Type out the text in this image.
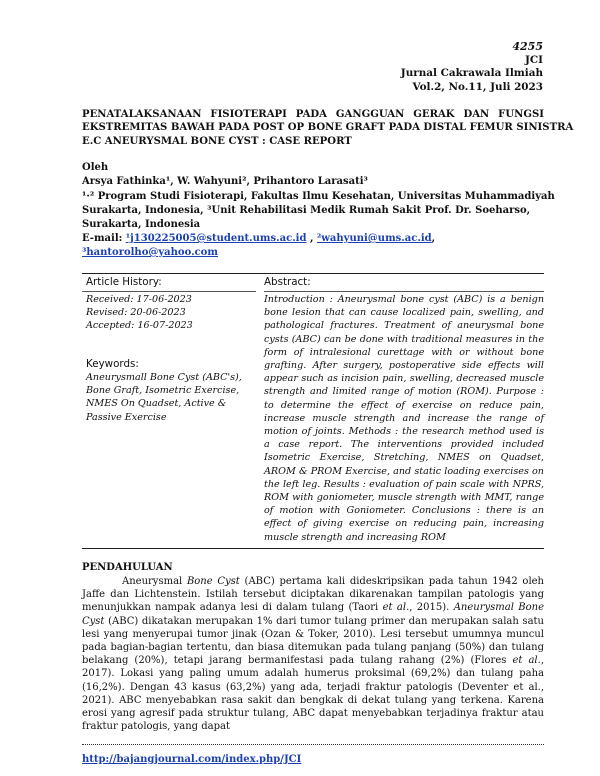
4255
JCI
Jurnal Cakrawala Ilmiah
Vol.2, No.11, Juli 2023
PENATALAKSANAAN FISIOTERAPI PADA GANGGUAN GERAK DAN FUNGSI
EKSTREMITAS BAWAH PADA POST OP BONE GRAFT PADA DISTAL FEMUR SINISTRA
E.C ANEURYSMAL BONE CYST : CASE REPORT
Oleh
Arsya Fathinka¹, W. Wahyuni², Prihantoro Larasati³
¹·² Program Studi Fisioterapi, Fakultas Ilmu Kesehatan, Universitas Muhammadiyah
Surakarta, Indonesia, ³Unit Rehabilitasi Medik Rumah Sakit Prof. Dr. Soeharso,
Surakarta, Indonesia
E-mail: ¹j130225005@student.ums.ac.id , ²wahyuni@ums.ac.id,
³hantorolho@yahoo.com
Article History:
Received: 17-06-2023
Revised: 20-06-2023
Accepted: 16-07-2023
Keywords:
Aneurysmall Bone Cyst (ABC's), Bone Graft, Isometric Exercise, NMES On Quadset, Active & Passive Exercise
Abstract:
Introduction : Aneurysmal bone cyst (ABC) is a benign bone lesion that can cause localized pain, swelling, and pathological fractures. Treatment of aneurysmal bone cysts (ABC) can be done with traditional measures in the form of intralesional curettage with or without bone grafting. After surgery, postoperative side effects will appear such as incision pain, swelling, decreased muscle strength and limited range of motion (ROM). Purpose : to determine the effect of exercise on reduce pain, increase muscle strength and increase the range of motion of joints. Methods : the research method used is a case report. The interventions provided included Isometric Exercise, Stretching, NMES on Quadset, AROM & PROM Exercise, and static loading exercises on the left leg. Results : evaluation of pain scale with NPRS, ROM with goniometer, muscle strength with MMT, range of motion with Goniometer. Conclusions : there is an effect of giving exercise on reducing pain, increasing muscle strength and increasing ROM
PENDAHULUAN
Aneurysmal Bone Cyst (ABC) pertama kali dideskripsikan pada tahun 1942 oleh Jaffe dan Lichtenstein. Istilah tersebut diciptakan dikarenakan tampilan patologis yang menunjukkan nampak adanya lesi di dalam tulang (Taori et al., 2015). Aneurysmal Bone Cyst (ABC) dikatakan merupakan 1% dari tumor tulang primer dan merupakan salah satu lesi yang menyerupai tumor jinak (Ozan & Toker, 2010). Lesi tersebut umumnya muncul pada bagian-bagian tertentu, dan biasa ditemukan pada tulang panjang (50%) dan tulang belakang (20%), tetapi jarang bermanifestasi pada tulang rahang (2%) (Flores et al., 2017). Lokasi yang paling umum adalah humerus proksimal (69,2%) dan tulang paha (16,2%). Dengan 43 kasus (63,2%) yang ada, terjadi fraktur patologis (Deventer et al., 2021). ABC menyebabkan rasa sakit dan bengkak di dekat tulang yang terkena. Karena erosi yang agresif pada struktur tulang, ABC dapat menyebabkan terjadinya fraktur atau fraktur patologis, yang dapat
http://bajangjournal.com/index.php/JCI
